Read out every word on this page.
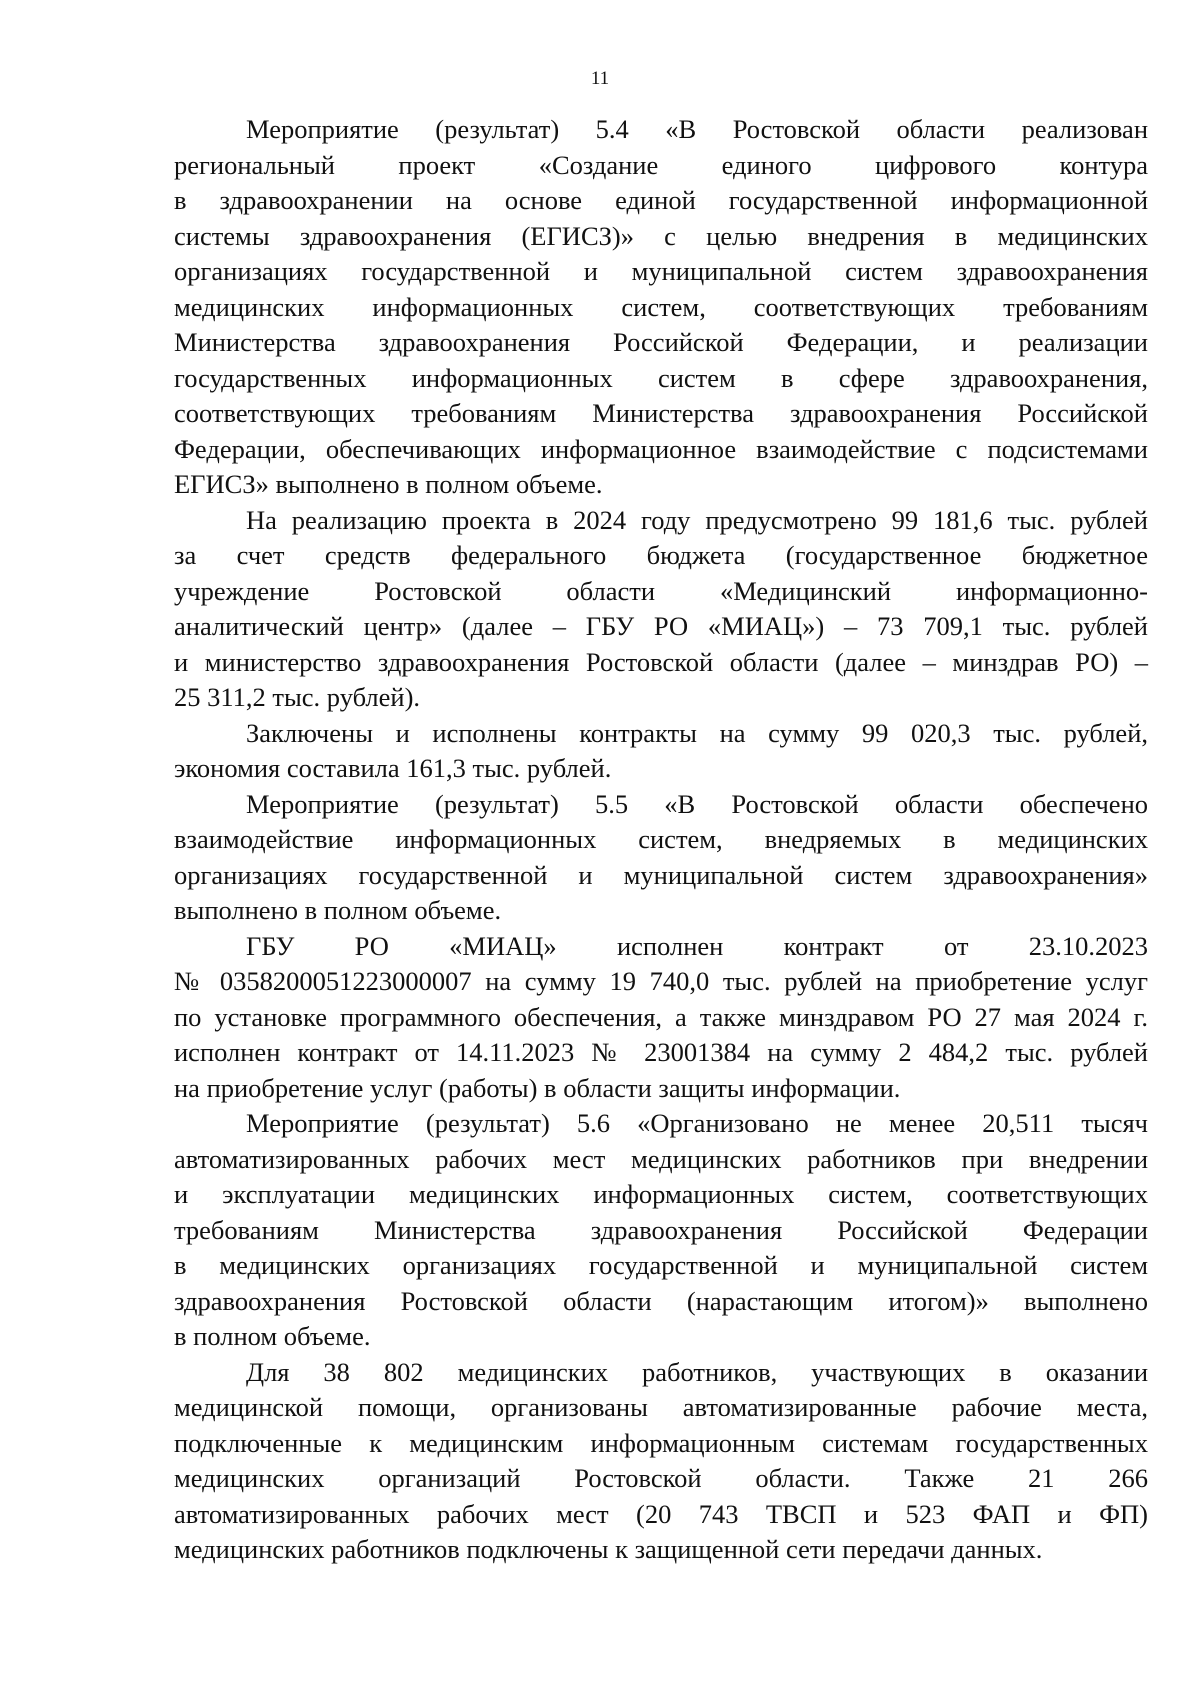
11
Мероприятие (результат) 5.4 «В Ростовской области реализован
региональный проект «Создание единого цифрового контура
в здравоохранении на основе единой государственной информационной
системы здравоохранения (ЕГИСЗ)» с целью внедрения в медицинских
организациях государственной и муниципальной систем здравоохранения
медицинских информационных систем, соответствующих требованиям
Министерства здравоохранения Российской Федерации, и реализации
государственных информационных систем в сфере здравоохранения,
соответствующих требованиям Министерства здравоохранения Российской
Федерации, обеспечивающих информационное взаимодействие с подсистемами
ЕГИСЗ» выполнено в полном объеме.
На реализацию проекта в 2024 году предусмотрено 99 181,6 тыс. рублей
за счет средств федерального бюджета (государственное бюджетное
учреждение Ростовской области «Медицинский информационно-
аналитический центр» (далее – ГБУ РО «МИАЦ») – 73 709,1 тыс. рублей
и министерство здравоохранения Ростовской области (далее – минздрав РО) –
25 311,2 тыс. рублей).
Заключены и исполнены контракты на сумму 99 020,3 тыс. рублей,
экономия составила 161,3 тыс. рублей.
Мероприятие (результат) 5.5 «В Ростовской области обеспечено
взаимодействие информационных систем, внедряемых в медицинских
организациях государственной и муниципальной систем здравоохранения»
выполнено в полном объеме.
ГБУ РО «МИАЦ» исполнен контракт от 23.10.2023
№ 0358200051223000007 на сумму 19 740,0 тыс. рублей на приобретение услуг
по установке программного обеспечения, а также минздравом РО 27 мая 2024 г.
исполнен контракт от 14.11.2023 № 23001384 на сумму 2 484,2 тыс. рублей
на приобретение услуг (работы) в области защиты информации.
Мероприятие (результат) 5.6 «Организовано не менее 20,511 тысяч
автоматизированных рабочих мест медицинских работников при внедрении
и эксплуатации медицинских информационных систем, соответствующих
требованиям Министерства здравоохранения Российской Федерации
в медицинских организациях государственной и муниципальной систем
здравоохранения Ростовской области (нарастающим итогом)» выполнено
в полном объеме.
Для 38 802 медицинских работников, участвующих в оказании
медицинской помощи, организованы автоматизированные рабочие места,
подключенные к медицинским информационным системам государственных
медицинских организаций Ростовской области. Также 21 266
автоматизированных рабочих мест (20 743 ТВСП и 523 ФАП и ФП)
медицинских работников подключены к защищенной сети передачи данных.
